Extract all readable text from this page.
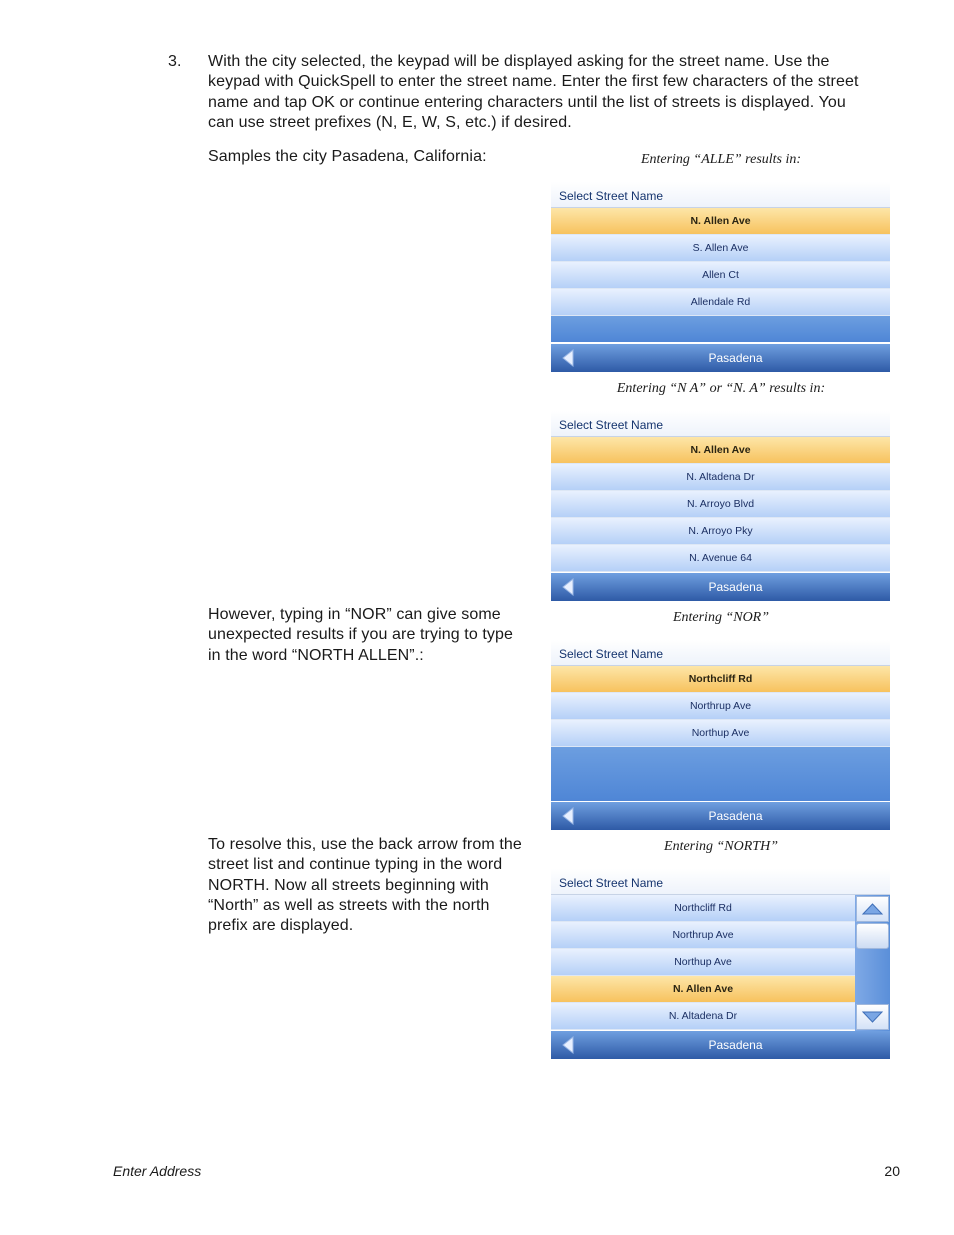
3. With the city selected, the keypad will be displayed asking for the street name. Use the
keypad with QuickSpell to enter the street name. Enter the first few characters of the street
name and tap OK or continue entering characters until the list of streets is displayed. You
can use street prefixes (N, E, W, S, etc.) if desired.
Samples the city Pasadena, California:
However, typing in “NOR” can give some
unexpected results if you are trying to type
in the word “NORTH ALLEN”.:
To resolve this, use the back arrow from the
street list and continue typing in the word
NORTH. Now all streets beginning with
“North” as well as streets with the north
prefix are displayed.
Entering “ALLE” results in:
Select Street Name
N. Allen Ave
S. Allen Ave
Allen Ct
Allendale Rd
Pasadena
Entering “N A” or “N. A” results in:
Select Street Name
N. Allen Ave
N. Altadena Dr
N. Arroyo Blvd
N. Arroyo Pky
N. Avenue 64
Pasadena
Entering “NOR”
Select Street Name
Northcliff Rd
Northrup Ave
Northup Ave
Pasadena
Entering “NORTH”
Select Street Name
Northcliff Rd
Northrup Ave
Northup Ave
N. Allen Ave
N. Altadena Dr
Pasadena
Enter Address	20
